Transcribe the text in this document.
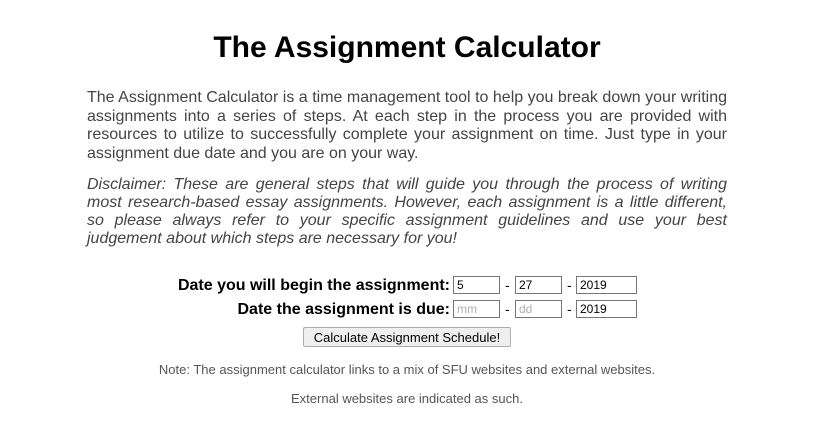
The Assignment Calculator

The Assignment Calculator is a time management tool to help you break down your writing assignments into a series of steps. At each step in the process you are provided with resources to utilize to successfully complete your assignment on time. Just type in your assignment due date and you are on your way.

Disclaimer: These are general steps that will guide you through the process of writing most research-based essay assignments. However, each assignment is a little different, so please always refer to your specific assignment guidelines and use your best judgement about which steps are necessary for you!

Date you will begin the assignment:
5	-
27	-
2019
Date the assignment is due:
mm	-
dd	-
2019
Calculate Assignment Schedule!

Note: The assignment calculator links to a mix of SFU websites and external websites.

External websites are indicated as such.
